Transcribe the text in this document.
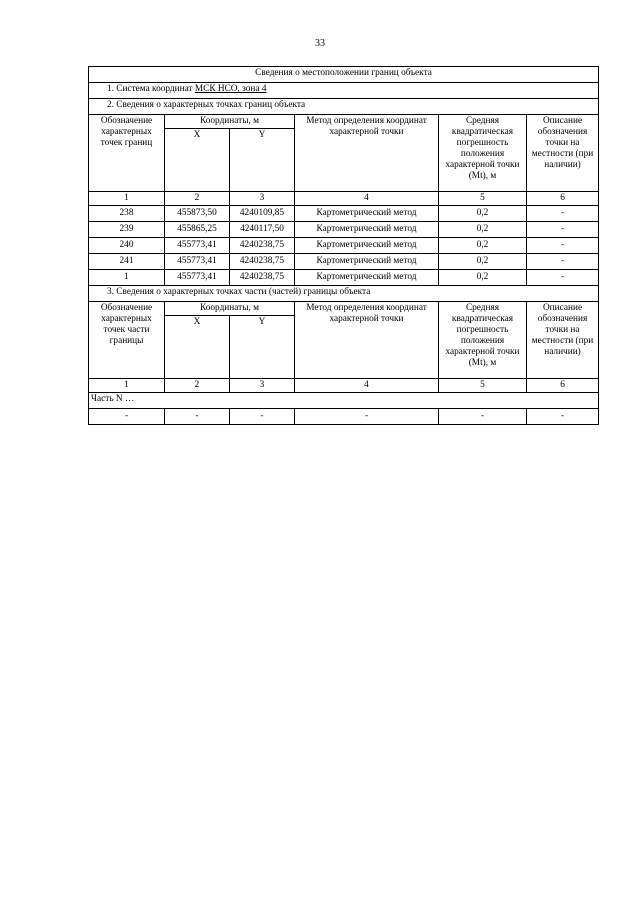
33
Сведения о местоположении границ объекта					
1. Система координат МСК НСО, зона 4					
2. Сведения о характерных точках границ объекта					
Обозначение характерных точек границ	Координаты, м		Метод определения координат характерной точки	Средняя квадратическая погрешность положения характерной точки (Mt), м	Описание обозначения точки на местности (при наличии)
	X	Y			
1	2	3	4	5	6
238	455873,50	4240109,85	Картометрический метод	0,2	-
239	455865,25	4240117,50	Картометрический метод	0,2	-
240	455773,41	4240238,75	Картометрический метод	0,2	-
241	455773,41	4240238,75	Картометрический метод	0,2	-
1	455773,41	4240238,75	Картометрический метод	0,2	-
3. Сведения о характерных точках части (частей) границы объекта					
Обозначение характерных точек части границы	Координаты, м		Метод определения координат характерной точки	Средняя квадратическая погрешность положения характерной точки (Mt), м	Описание обозначения точки на местности (при наличии)
	X	Y			
1	2	3	4	5	6
Часть N …					
-	-	-	-	-	-
